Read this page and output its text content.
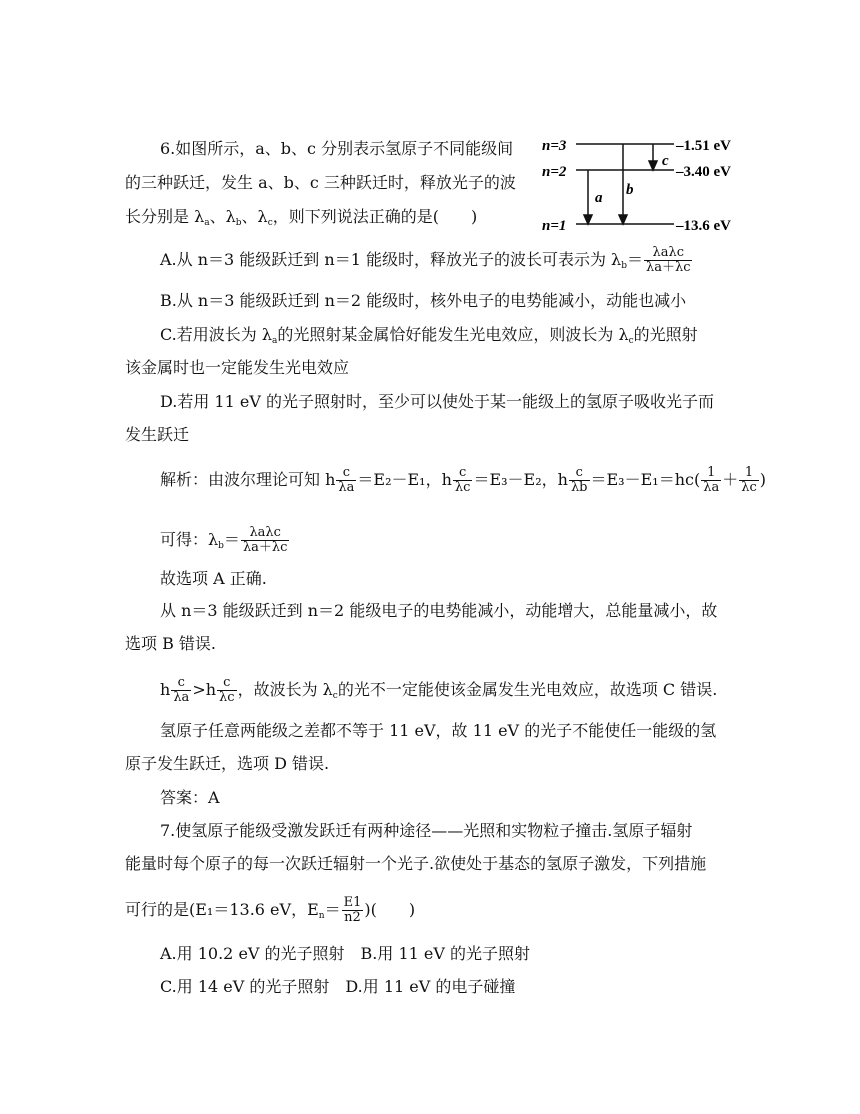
6.如图所示，a、b、c 分别表示氢原子不同能级间
的三种跃迁，发生 a、b、c 三种跃迁时，释放光子的波
长分别是 $\lambda_a$、$\lambda_b$、$\lambda_c$，则下列说法正确的是(　　)
n=3
n=2
n=1
–1.51 eV
–3.40 eV
–13.6 eV
a b
c
A.从 n＝3 能级跃迁到 n＝1 能级时，释放光子的波长可表示为 $\lambda_b= \frac{\text{λaλc}}{\lambda a+\lambda c}$
B.从 n＝3 能级跃迁到 n＝2 能级时，核外电子的电势能减小，动能也减小
C.若用波长为 $\lambda_a$的光照射某金属恰好能发生光电效应，则波长为 $\lambda_c$的光照射
该金属时也一定能发生光电效应
D.若用 11 eV 的光子照射时，至少可以使处于某一能级上的氢原子吸收光子而
发生跃迁
解析：由波尔理论可知 h $\frac{c}{\lambda a} =E_2-E_1$，h $\frac{c}{\lambda c} =E_3-E_2$，h $\frac{c}{\lambda b} =E_3-E_1=hc( \frac{1}{\lambda a} + \frac{1}{\lambda c}$ )
可得：$\lambda_b= \frac{\text{λaλc}}{\lambda a+\lambda c}$
故选项 A 正确.
从 n＝3 能级跃迁到 n＝2 能级电子的电势能减小，动能增大，总能量减小，故
选项 B 错误.
h $\frac{c}{\lambda a} >h \frac{c}{\lambda c}$ ，故波长为 $\lambda_c$的光不一定能使该金属发生光电效应，故选项 C 错误.
氢原子任意两能级之差都不等于 11 eV，故 11 eV 的光子不能使任一能级的氢
原子发生跃迁，选项 D 错误.
答案：A
7.使氢原子能级受激发跃迁有两种途径——光照和实物粒子撞击.氢原子辐射
能量时每个原子的每一次跃迁辐射一个光子.欲使处于基态的氢原子激发，下列措施
可行的是(E₁＝13.6 eV，$E_n= \frac{E1}{n2}$ )(　　)
A.用 10.2 eV 的光子照射　B.用 11 eV 的光子照射
C.用 14 eV 的光子照射　D.用 11 eV 的电子碰撞
